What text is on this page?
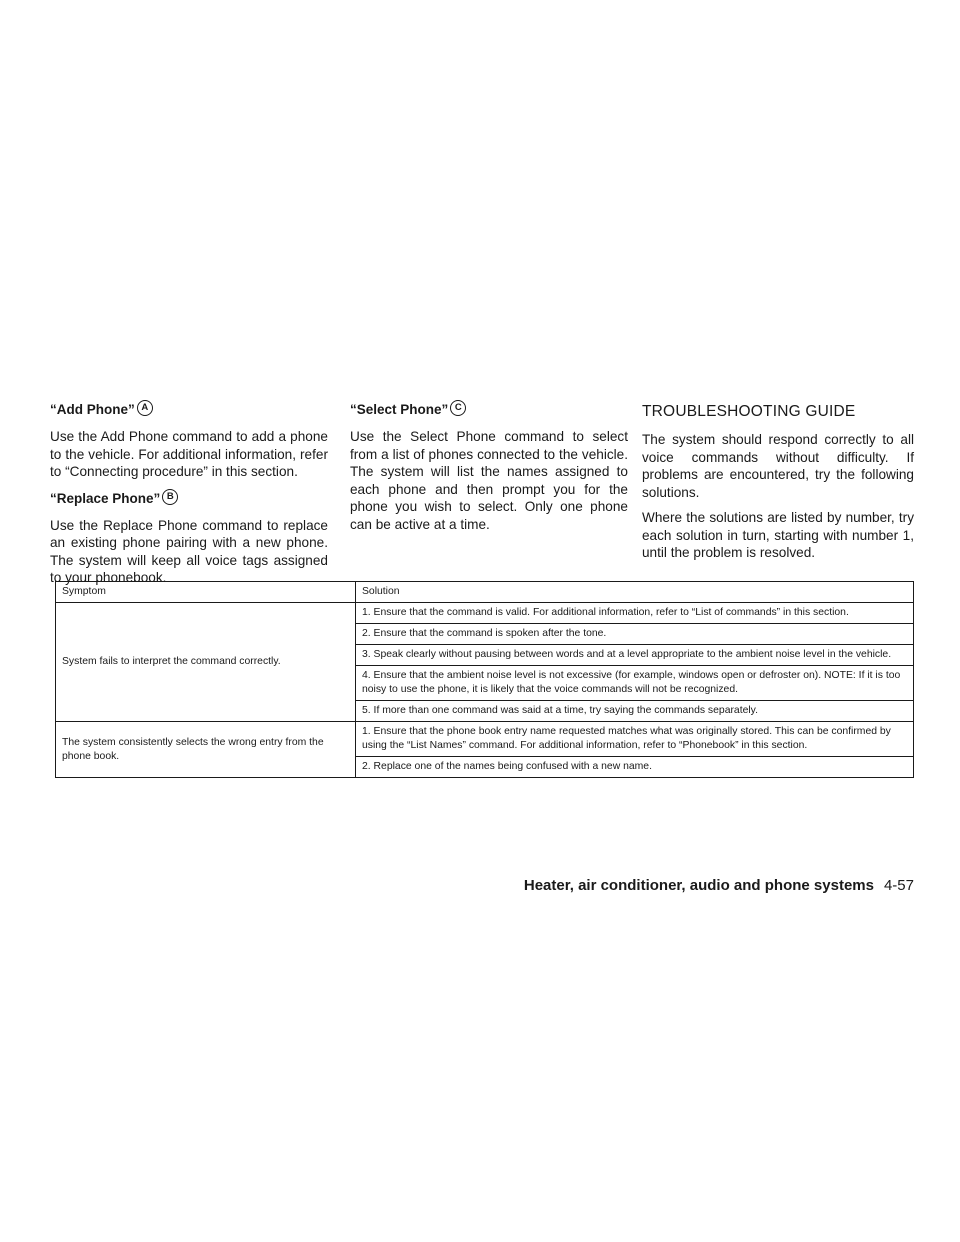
“Add Phone” A

Use the Add Phone command to add a phone to the vehicle. For additional information, refer to “Connecting procedure” in this section.

“Replace Phone” B

Use the Replace Phone command to replace an existing phone pairing with a new phone. The system will keep all voice tags assigned to your phonebook.

“Select Phone” C

Use the Select Phone command to select from a list of phones connected to the vehicle. The system will list the names assigned to each phone and then prompt you for the phone you wish to select. Only one phone can be active at a time.

TROUBLESHOOTING GUIDE

The system should respond correctly to all voice commands without difficulty. If problems are encountered, try the following solutions.

Where the solutions are listed by number, try each solution in turn, starting with number 1, until the problem is resolved.

Symptom	Solution
System fails to interpret the command correctly.	1. Ensure that the command is valid. For additional information, refer to “List of commands” in this section.
	2. Ensure that the command is spoken after the tone.
	3. Speak clearly without pausing between words and at a level appropriate to the ambient noise level in the vehicle.
	4. Ensure that the ambient noise level is not excessive (for example, windows open or defroster on). NOTE: If it is too noisy to use the phone, it is likely that the voice commands will not be recognized.
	5. If more than one command was said at a time, try saying the commands separately.
The system consistently selects the wrong entry from the phone book.	1. Ensure that the phone book entry name requested matches what was originally stored. This can be confirmed by using the “List Names” command. For additional information, refer to “Phonebook” in this section.
	2. Replace one of the names being confused with a new name.
Heater, air conditioner, audio and phone systems 4-57
